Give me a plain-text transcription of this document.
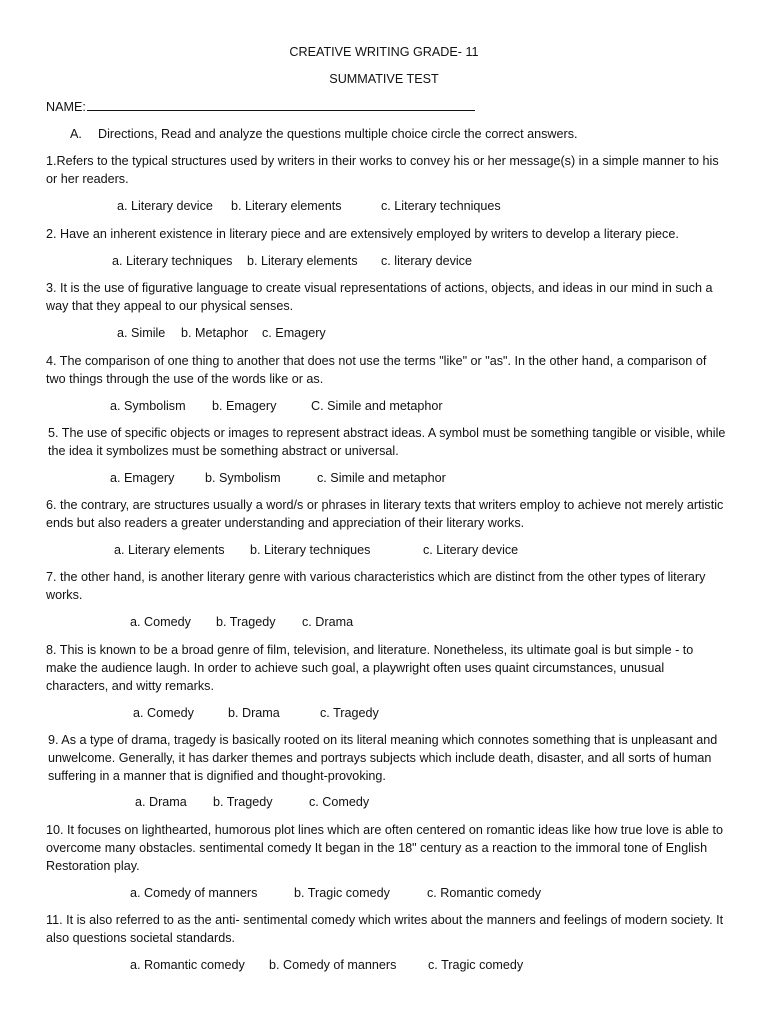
CREATIVE WRITING GRADE- 11
SUMMATIVE TEST
NAME:
A. Directions, Read and analyze the questions multiple choice circle the correct answers.

1.Refers to the typical structures used by writers in their works to convey his or her message(s) in a simple manner to his or her readers.

a. Literary device b. Literary elements	c. Literary techniques

2. Have an inherent existence in literary piece and are extensively employed by writers to develop a literary piece.

a. Literary techniques b. Literary elements c. literary device

3. It is the use of figurative language to create visual representations of actions, objects, and ideas in our mind in such a way that they appeal to our physical senses.

a. Simile b. Metaphor c. Emagery

4. The comparison of one thing to another that does not use the terms "like" or "as". In the other hand, a comparison of two things through the use of the words like or as.

a. Symbolism b. Emagery	C. Simile and metaphor

5. The use of specific objects or images to represent abstract ideas. A symbol must be something tangible or visible, while the idea it symbolizes must be something abstract or universal.

a. Emagery b. Symbolism	c. Simile and metaphor

6. the contrary, are structures usually a word/s or phrases in literary texts that writers employ to achieve not merely artistic ends but also readers a greater understanding and appreciation of their literary works.

a. Literary elements b. Literary techniques	c. Literary device

7. the other hand, is another literary genre with various characteristics which are distinct from the other types of literary works.

a. Comedy b. Tragedy c. Drama

8. This is known to be a broad genre of film, television, and literature. Nonetheless, its ultimate goal is but simple - to make the audience laugh. In order to achieve such goal, a playwright often uses quaint circumstances, unusual characters, and witty remarks.

a. Comedy	b. Drama	c. Tragedy

9. As a type of drama, tragedy is basically rooted on its literal meaning which connotes something that is unpleasant and unwelcome. Generally, it has darker themes and portrays subjects which include death, disaster, and all sorts of human suffering in a manner that is dignified and thought-provoking.

a. Drama b. Tragedy	c. Comedy

10. It focuses on lighthearted, humorous plot lines which are often centered on romantic ideas like how true love is able to overcome many obstacles. sentimental comedy It began in the 18" century as a reaction to the immoral tone of English Restoration play.

a. Comedy of manners	b. Tragic comedy	c. Romantic comedy

11. It is also referred to as the anti- sentimental comedy which writes about the manners and feelings of modern society. It also questions societal standards.

a. Romantic comedy b. Comedy of manners	c. Tragic comedy
